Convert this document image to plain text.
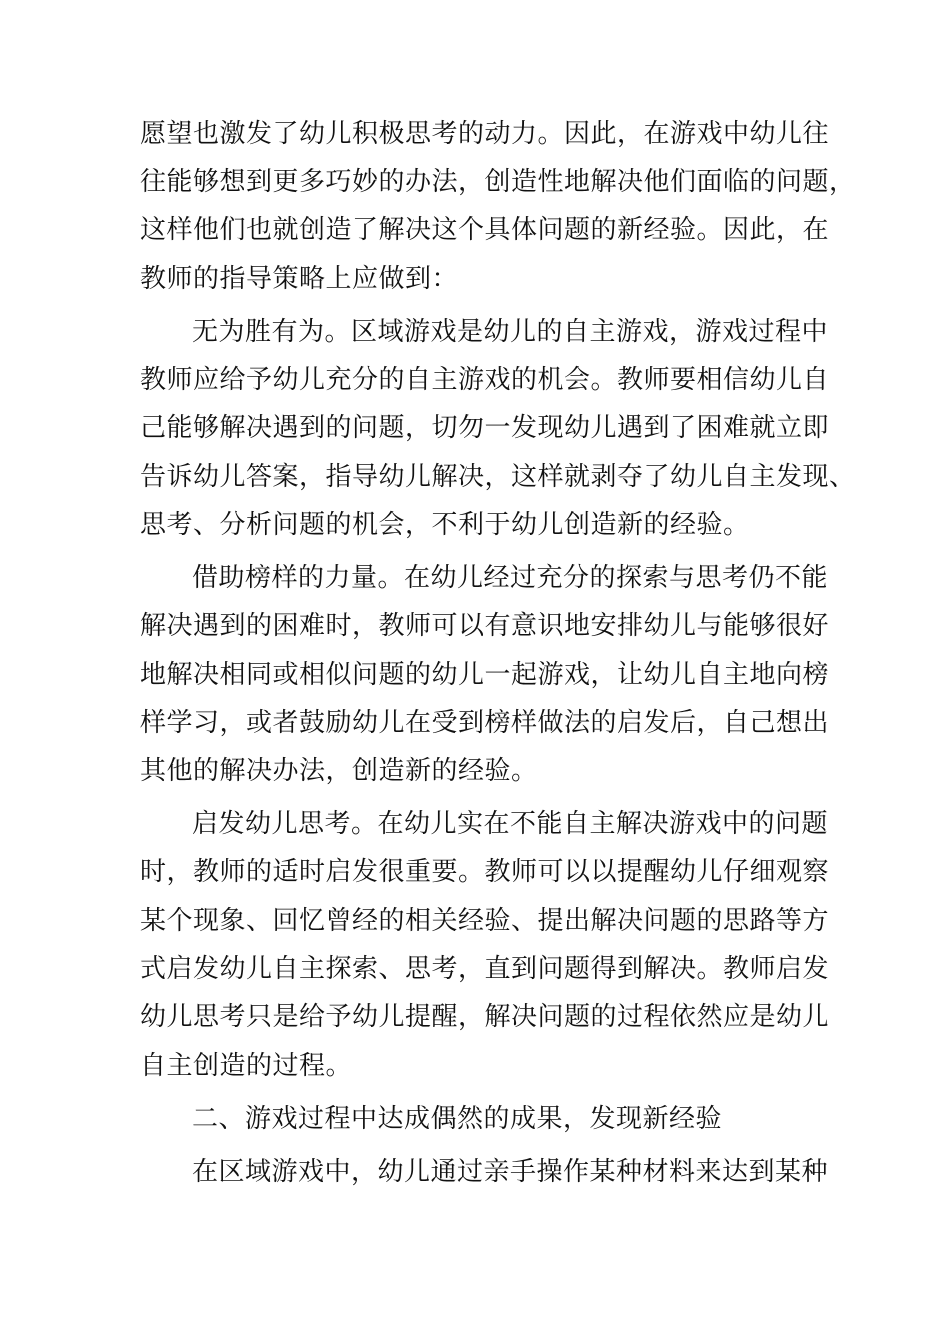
愿望也激发了幼儿积极思考的动力。因此，在游戏中幼儿往
往能够想到更多巧妙的办法，创造性地解决他们面临的问题，
这样他们也就创造了解决这个具体问题的新经验。因此，在
教师的指导策略上应做到：
无为胜有为。区域游戏是幼儿的自主游戏，游戏过程中
教师应给予幼儿充分的自主游戏的机会。教师要相信幼儿自
己能够解决遇到的问题，切勿一发现幼儿遇到了困难就立即
告诉幼儿答案，指导幼儿解决，这样就剥夺了幼儿自主发现、
思考、分析问题的机会，不利于幼儿创造新的经验。
借助榜样的力量。在幼儿经过充分的探索与思考仍不能
解决遇到的困难时，教师可以有意识地安排幼儿与能够很好
地解决相同或相似问题的幼儿一起游戏，让幼儿自主地向榜
样学习，或者鼓励幼儿在受到榜样做法的启发后，自己想出
其他的解决办法，创造新的经验。
启发幼儿思考。在幼儿实在不能自主解决游戏中的问题
时，教师的适时启发很重要。教师可以以提醒幼儿仔细观察
某个现象、回忆曾经的相关经验、提出解决问题的思路等方
式启发幼儿自主探索、思考，直到问题得到解决。教师启发
幼儿思考只是给予幼儿提醒，解决问题的过程依然应是幼儿
自主创造的过程。
二、游戏过程中达成偶然的成果，发现新经验
在区域游戏中，幼儿通过亲手操作某种材料来达到某种
